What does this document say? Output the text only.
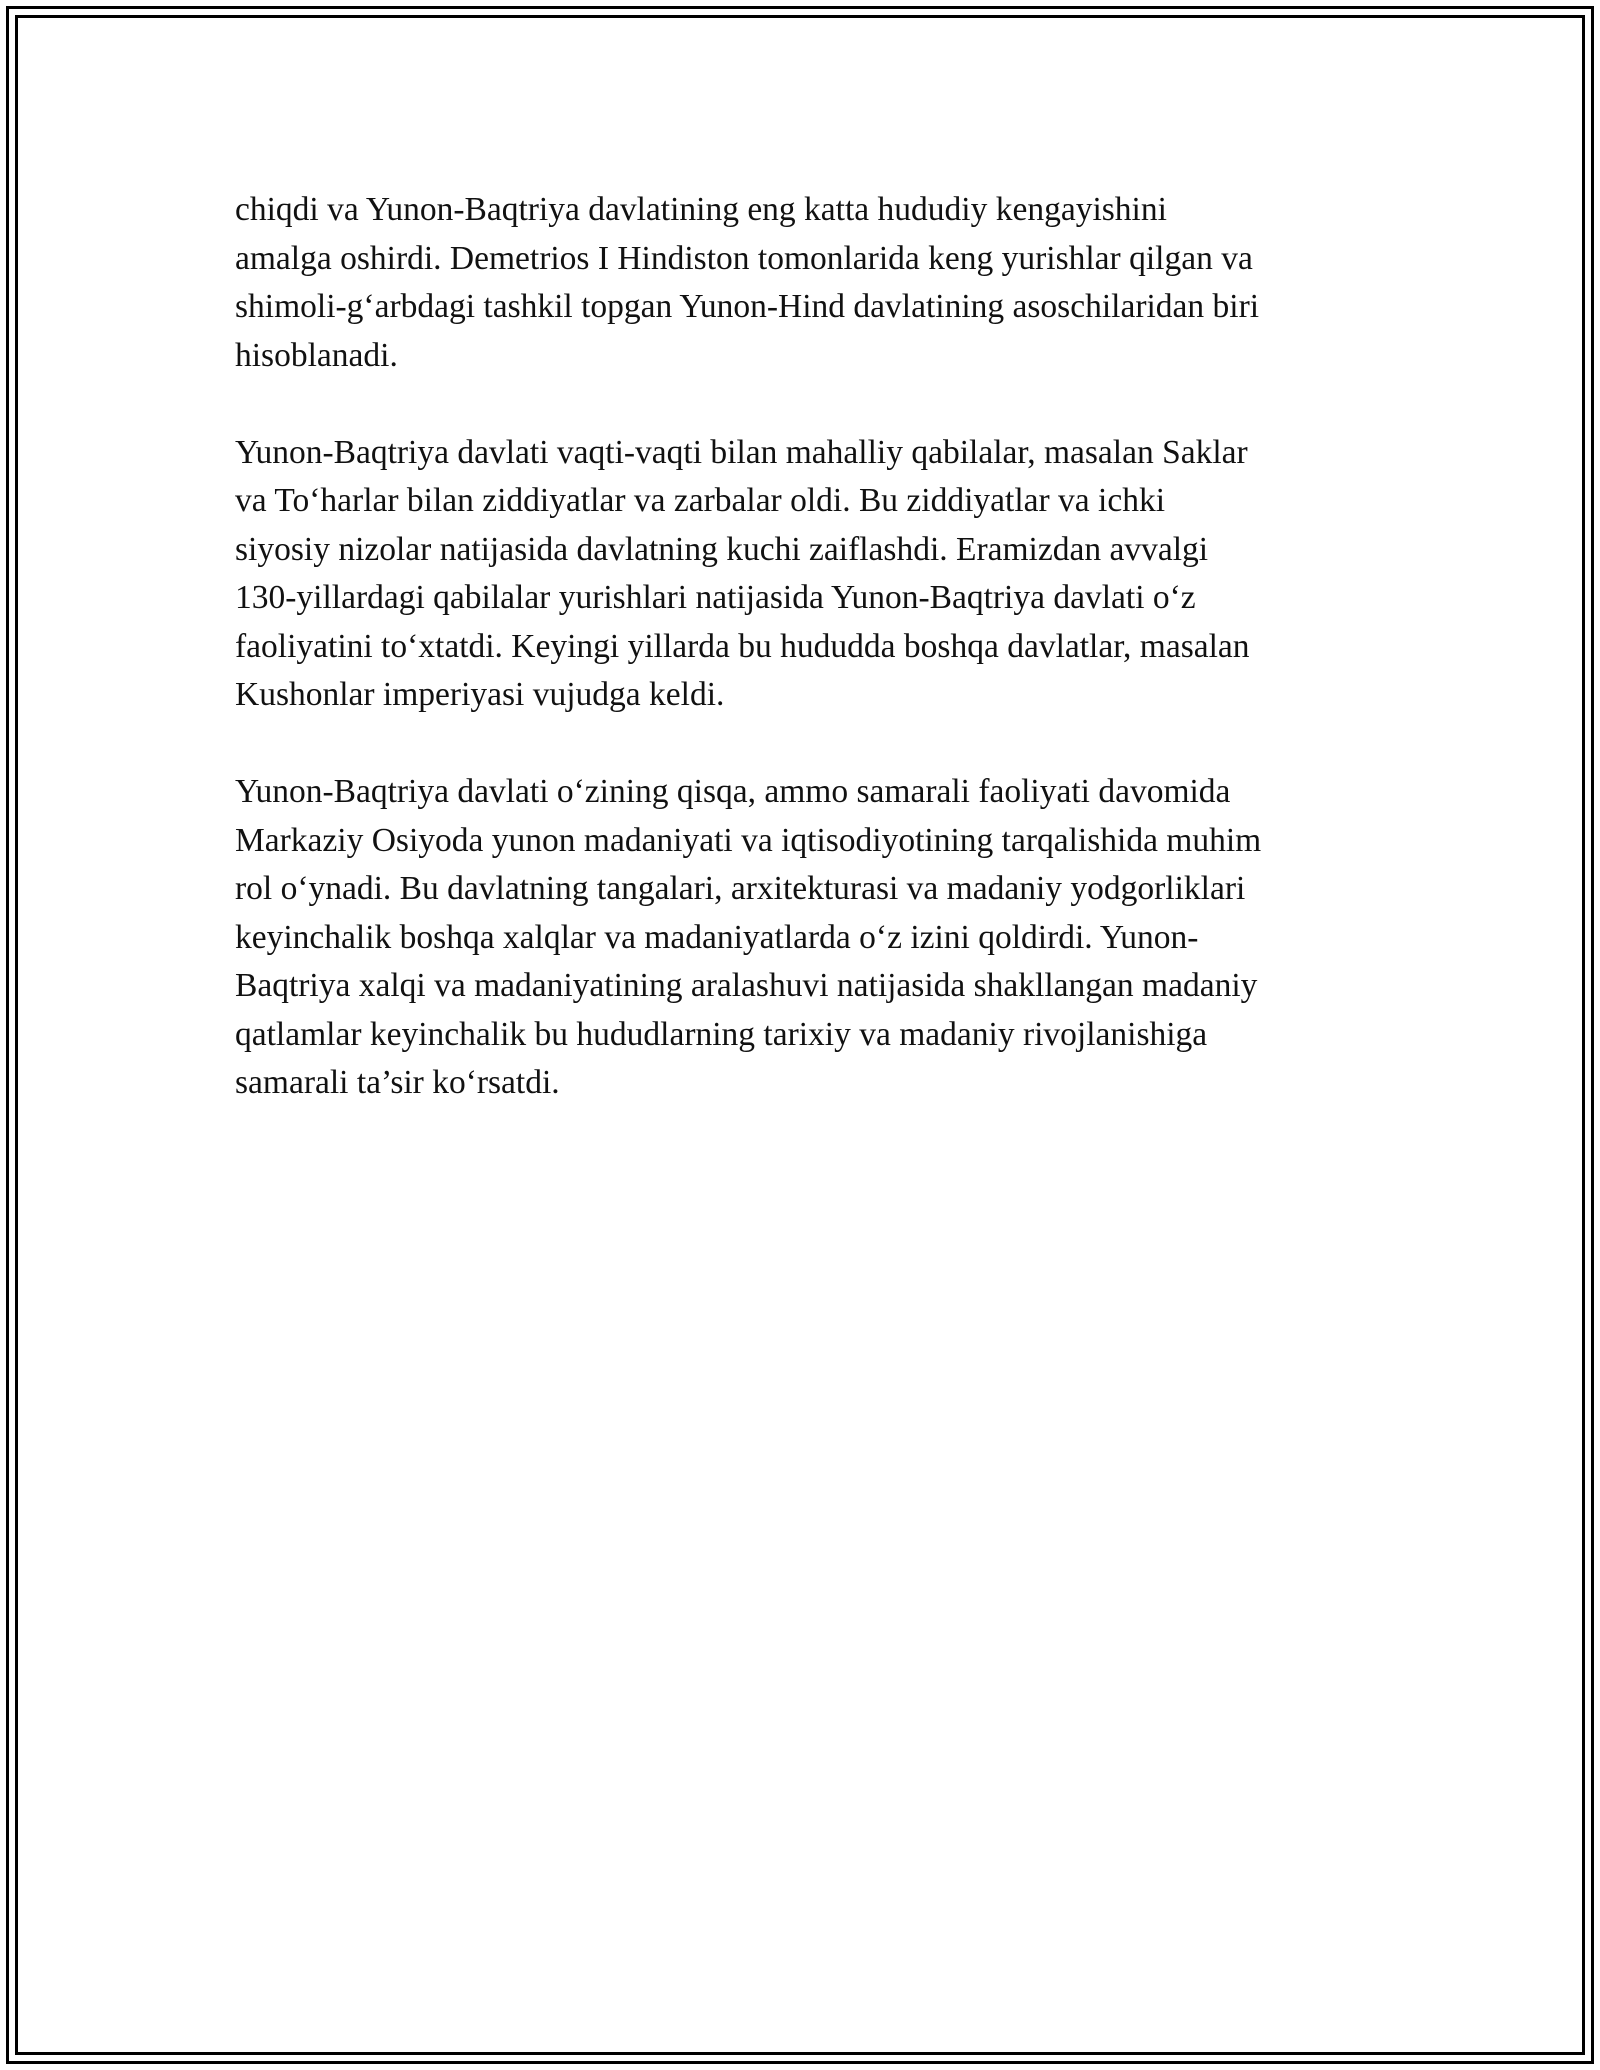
chiqdi va Yunon-Baqtriya davlatining eng katta hududiy kengayishini
amalga oshirdi. Demetrios I Hindiston tomonlarida keng yurishlar qilgan va
shimoli-g‘arbdagi tashkil topgan Yunon-Hind davlatining asoschilaridan biri
hisoblanadi.

Yunon-Baqtriya davlati vaqti-vaqti bilan mahalliy qabilalar, masalan Saklar
va To‘harlar bilan ziddiyatlar va zarbalar oldi. Bu ziddiyatlar va ichki
siyosiy nizolar natijasida davlatning kuchi zaiflashdi. Eramizdan avvalgi
130-yillardagi qabilalar yurishlari natijasida Yunon-Baqtriya davlati o‘z
faoliyatini to‘xtatdi. Keyingi yillarda bu hududda boshqa davlatlar, masalan
Kushonlar imperiyasi vujudga keldi.

Yunon-Baqtriya davlati o‘zining qisqa, ammo samarali faoliyati davomida
Markaziy Osiyoda yunon madaniyati va iqtisodiyotining tarqalishida muhim
rol o‘ynadi. Bu davlatning tangalari, arxitekturasi va madaniy yodgorliklari
keyinchalik boshqa xalqlar va madaniyatlarda o‘z izini qoldirdi. Yunon-
Baqtriya xalqi va madaniyatining aralashuvi natijasida shakllangan madaniy
qatlamlar keyinchalik bu hududlarning tarixiy va madaniy rivojlanishiga
samarali ta’sir ko‘rsatdi.
